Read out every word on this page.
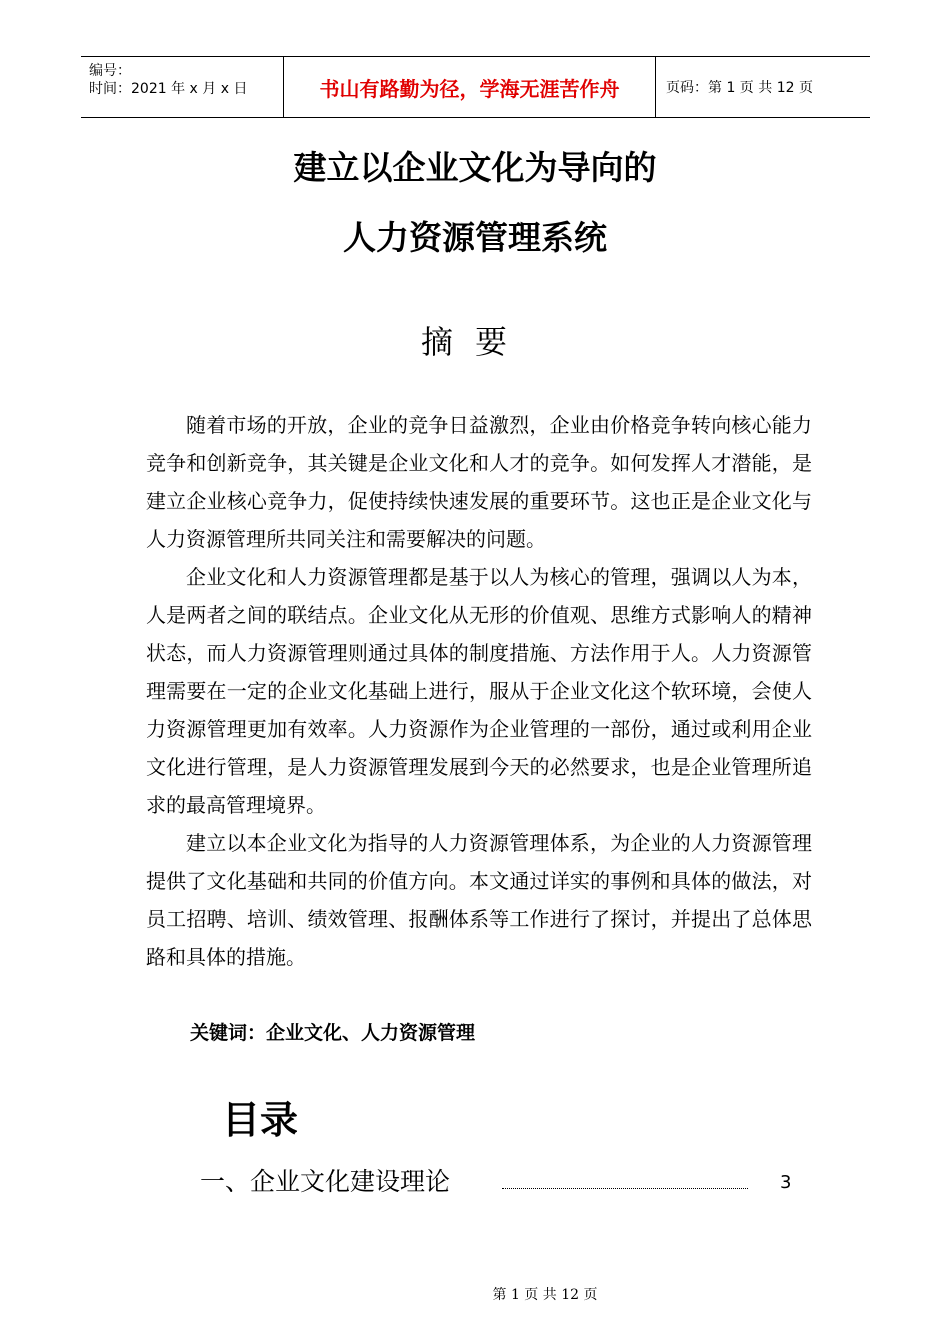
编号：
时间：2021 年 x 月 x 日	书山有路勤为径，学海无涯苦作舟	页码：第 1 页 共 12 页
建立以企业文化为导向的
人力资源管理系统
摘要

随着市场的开放，企业的竞争日益激烈，企业由价格竞争转向核心能力竞争和创新竞争，其关键是企业文化和人才的竞争。如何发挥人才潜能，是建立企业核心竞争力，促使持续快速发展的重要环节。这也正是企业文化与人力资源管理所共同关注和需要解决的问题。

企业文化和人力资源管理都是基于以人为核心的管理，强调以人为本，人是两者之间的联结点。企业文化从无形的价值观、思维方式影响人的精神状态，而人力资源管理则通过具体的制度措施、方法作用于人。人力资源管理需要在一定的企业文化基础上进行，服从于企业文化这个软环境，会使人力资源管理更加有效率。人力资源作为企业管理的一部份，通过或利用企业文化进行管理，是人力资源管理发展到今天的必然要求，也是企业管理所追求的最高管理境界。

建立以本企业文化为指导的人力资源管理体系，为企业的人力资源管理提供了文化基础和共同的价值方向。本文通过详实的事例和具体的做法，对员工招聘、培训、绩效管理、报酬体系等工作进行了探讨，并提出了总体思路和具体的措施。

关键词：企业文化、人力资源管理
目录
一、企业文化建设理论	3
第 1 页 共 12 页
